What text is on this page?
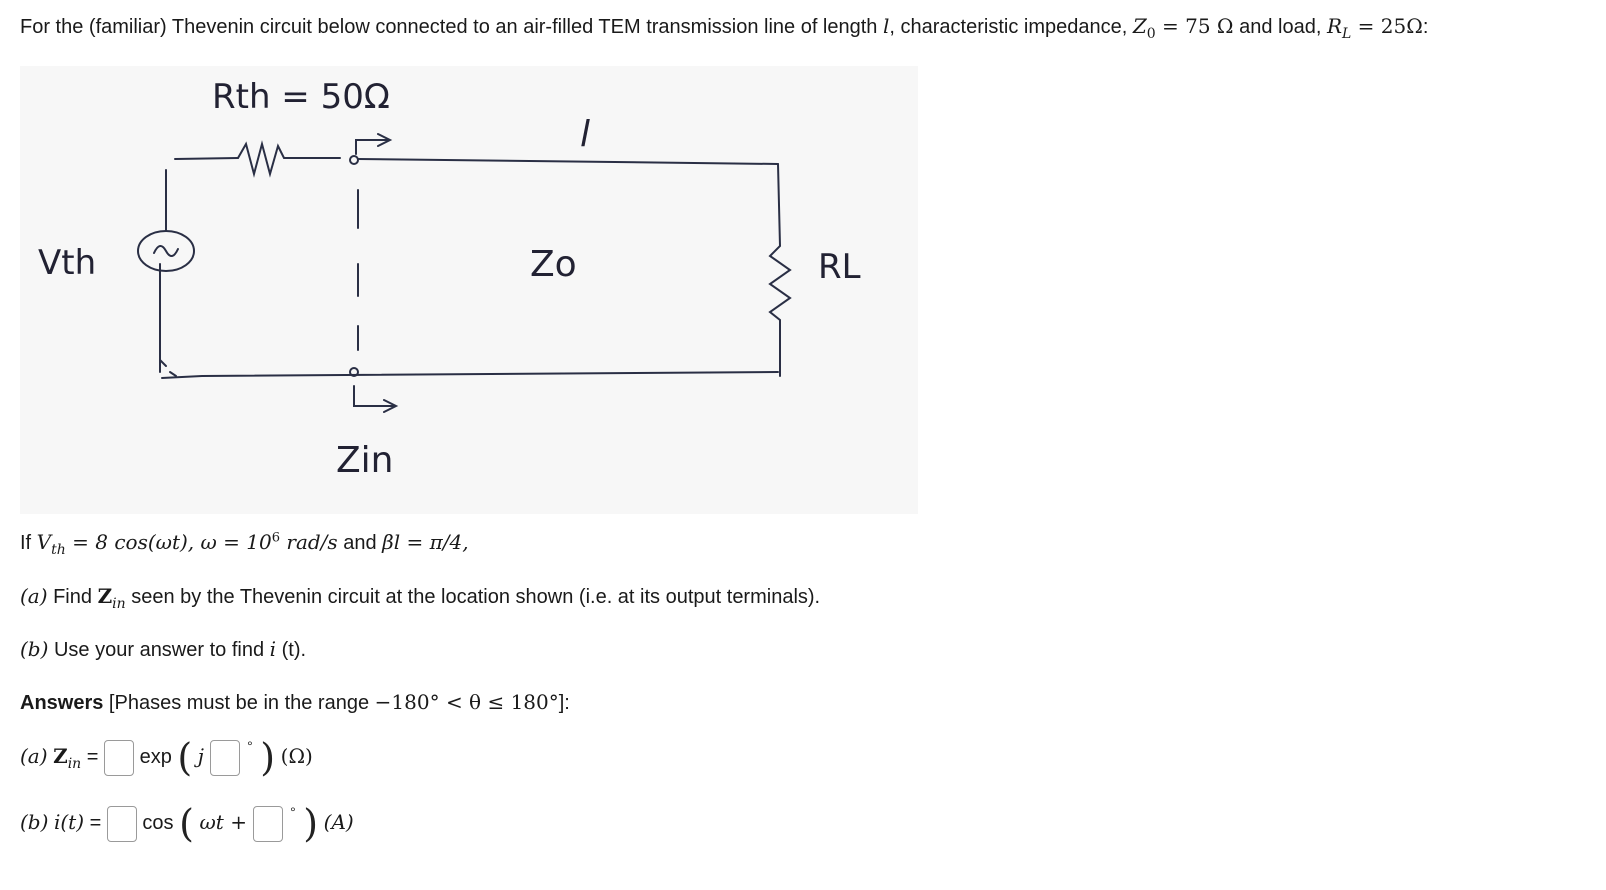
For the (familiar) Thevenin circuit below connected to an air-filled TEM transmission line of length l, characteristic impedance, $Z_0 = 75$ Ω and load, $R_L = 25\Omega$:
Rth = 50Ω
Vth
l
Zo	RL
Zin
If $V_{th} = 8$ cos(ωt), $\omega = 10^6$ rad/s and βl = π/4,
(a) Find $Z_{in}$ seen by the Thevenin circuit at the location shown (i.e. at its output terminals).
(b) Use your answer to find i (t).
Answers [Phases must be in the range −180° < θ ≤ 180°]:
(a) $Z_{in} = \exp$ ( j	° ) (Ω)
(b) i(t) = cos ( ωt +	° ) (A)
